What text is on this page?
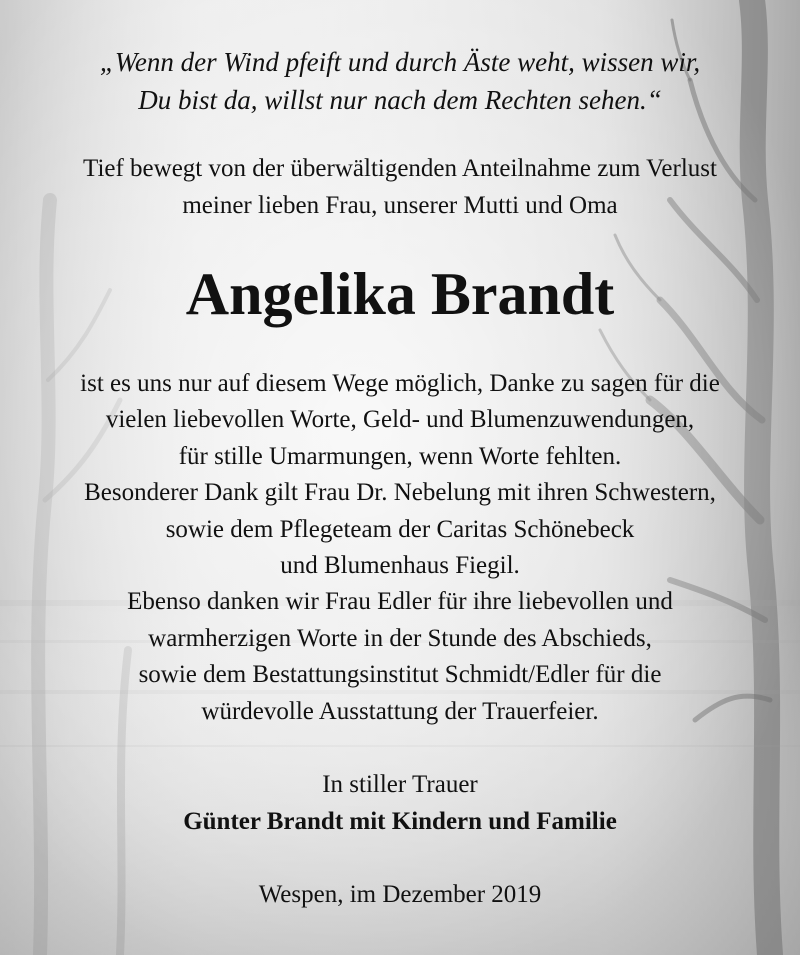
„Wenn der Wind pfeift und durch Äste weht, wissen wir,
Du bist da, willst nur nach dem Rechten sehen.“
Tief bewegt von der überwältigenden Anteilnahme zum Verlust
meiner lieben Frau, unserer Mutti und Oma
Angelika Brandt
ist es uns nur auf diesem Wege möglich, Danke zu sagen für die
vielen liebevollen Worte, Geld- und Blumenzuwendungen,
für stille Umarmungen, wenn Worte fehlten.
Besonderer Dank gilt Frau Dr. Nebelung mit ihren Schwestern,
sowie dem Pflegeteam der Caritas Schönebeck
und Blumenhaus Fiegil.
Ebenso danken wir Frau Edler für ihre liebevollen und
warmherzigen Worte in der Stunde des Abschieds,
sowie dem Bestattungsinstitut Schmidt/Edler für die
würdevolle Ausstattung der Trauerfeier.
In stiller Trauer
Günter Brandt mit Kindern und Familie
Wespen, im Dezember 2019
